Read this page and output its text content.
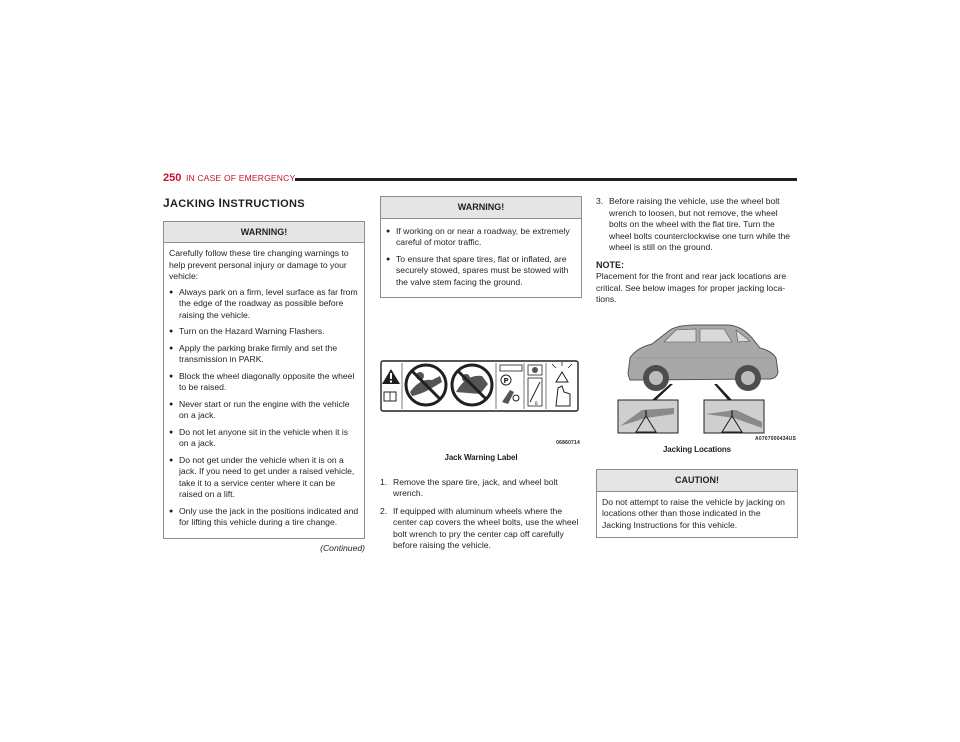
250 IN CASE OF EMERGENCY
JACKING INSTRUCTIONS
WARNING!

Carefully follow these tire changing warnings to help prevent personal injury or damage to your vehicle:

● Always park on a firm, level surface as far from the edge of the roadway as possible before raising the vehicle.
● Turn on the Hazard Warning Flashers.
● Apply the parking brake firmly and set the transmission in PARK.
● Block the wheel diagonally opposite the wheel to be raised.
● Never start or run the engine with the vehicle on a jack.
● Do not let anyone sit in the vehicle when it is on a jack.
● Do not get under the vehicle when it is on a jack. If you need to get under a raised vehicle, take it to a service center where it can be raised on a lift.
● Only use the jack in the positions indicated and for lifting this vehicle during a tire change.
(Continued)
WARNING!
● If working on or near a roadway, be extremely careful of motor traffic.
● To ensure that spare tires, flat or inflated, are securely stowed, spares must be stowed with the valve stem facing the ground.
P
B
06860714
Jack Warning Label
1. Remove the spare tire, jack, and wheel bolt wrench.
2. If equipped with aluminum wheels where the center cap covers the wheel bolts, use the wheel bolt wrench to pry the center cap off carefully before raising the vehicle.
3. Before raising the vehicle, use the wheel bolt wrench to loosen, but not remove, the wheel bolts on the wheel with the flat tire. Turn the wheel bolts counterclockwise one turn while the wheel is still on the ground.
NOTE:

Placement for the front and rear jack locations are critical. See below images for proper jacking loca-tions.

A0707000434US
Jacking Locations
CAUTION!

Do not attempt to raise the vehicle by jacking on locations other than those indicated in the Jacking Instructions for this vehicle.
